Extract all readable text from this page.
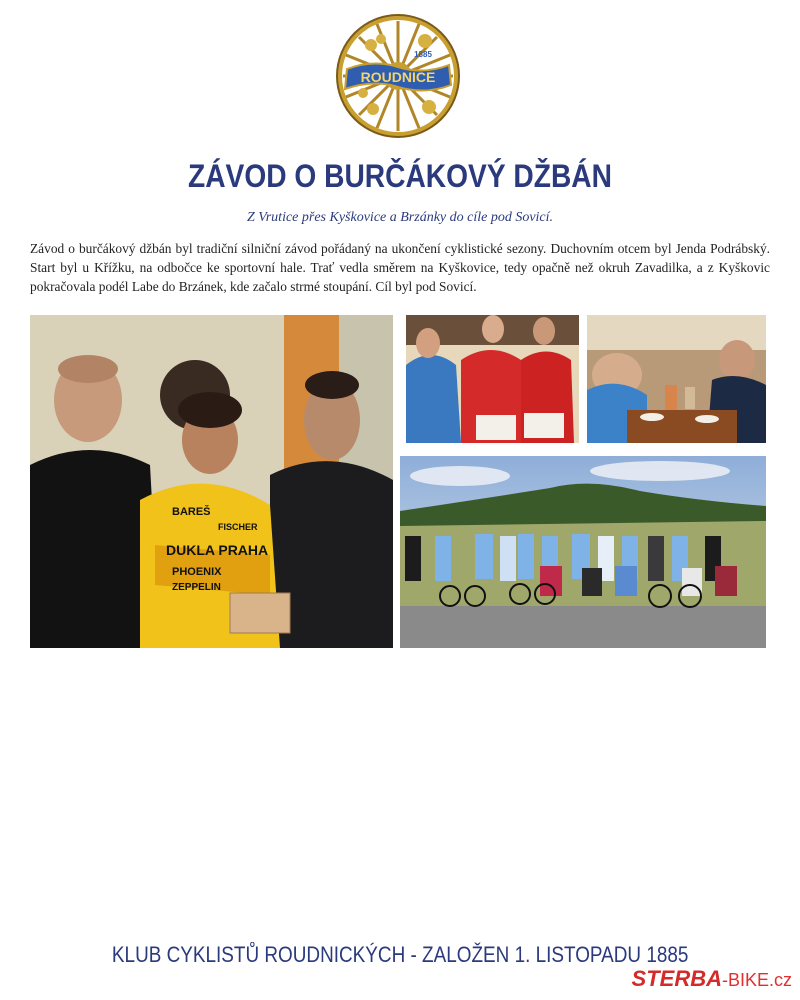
ROUDNICE
1885
ZÁVOD O BURČÁKOVÝ DŽBÁN
Z Vrutice přes Kyškovice a Brzánky do cíle pod Sovicí.
Závod o burčákový džbán byl tradiční silniční závod pořádaný na ukončení cyklistické sezony. Duchovním otcem byl Jenda Podrábský. Start byl u Křížku, na odbočce ke sportovní hale. Trať vedla směrem na Kyškovice, tedy opačně než okruh Zavadilka, a z Kyškovic pokračovala podél Labe do Brzánek, kde začalo strmé stoupání. Cíl byl pod Sovicí.
BAREŠ
DUKLA PRAHA
PHOENIX
ZEPPELIN
FISCHER
KLUB CYKLISTŮ ROUDNICKÝCH - ZALOŽEN 1. LISTOPADU 1885
STERBA-BIKE.cz
